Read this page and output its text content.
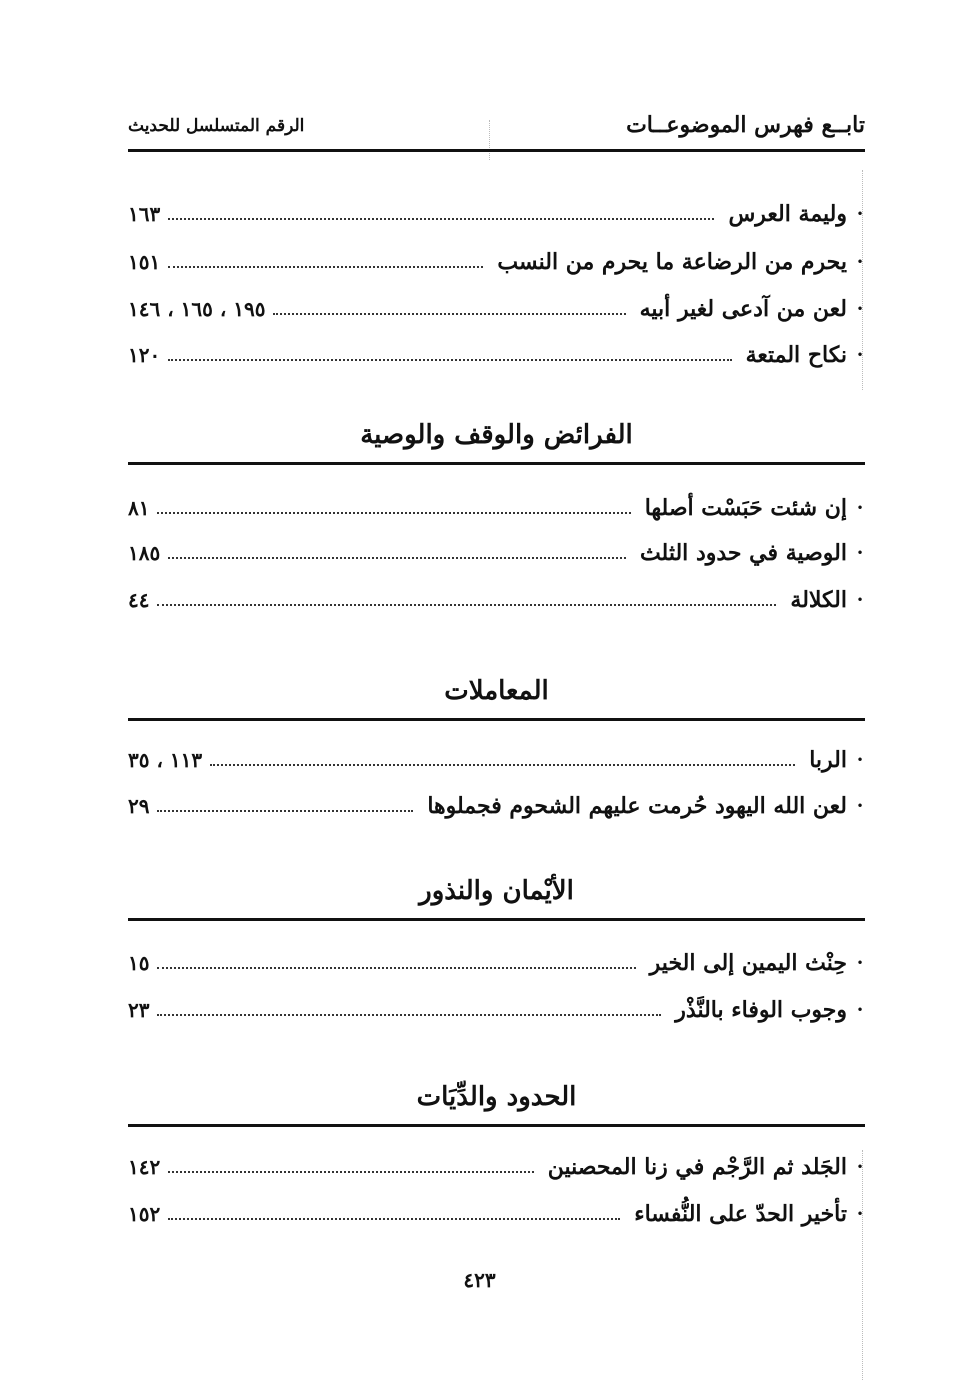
تابــع فهرس الموضوعــات
الرقم المتسلسل للحديث
•
وليمة العرس
١٦٣
•
يحرم من الرضاعة ما يحرم من النسب
١٥١
•
لعن من آدعى لغير أبيه
١٩٥ ، ١٦٥ ، ١٤٦
•
نكاح المتعة
١٢٠
الفرائض والوقف والوصية
•
إن شئت حَبَسْت أصلها
٨١
•
الوصية في حدود الثلث
١٨٥
•
الكلالة
٤٤
المعاملات
•
الربا
١١٣ ، ٣٥
•
لعن الله اليهود حُرمت عليهم الشحوم فجملوها
٢٩
الأيْمان والنذور
•
حِنْث اليمين إلى الخير
١٥
•
وجوب الوفاء بالنَّذْر
٢٣
الحدود والدِّيَات
•
الجَلد ثم الرَّجْم في زنا المحصنين
١٤٢
•
تأخير الحدّ على النُّفساء
١٥٢
٤٢٣
